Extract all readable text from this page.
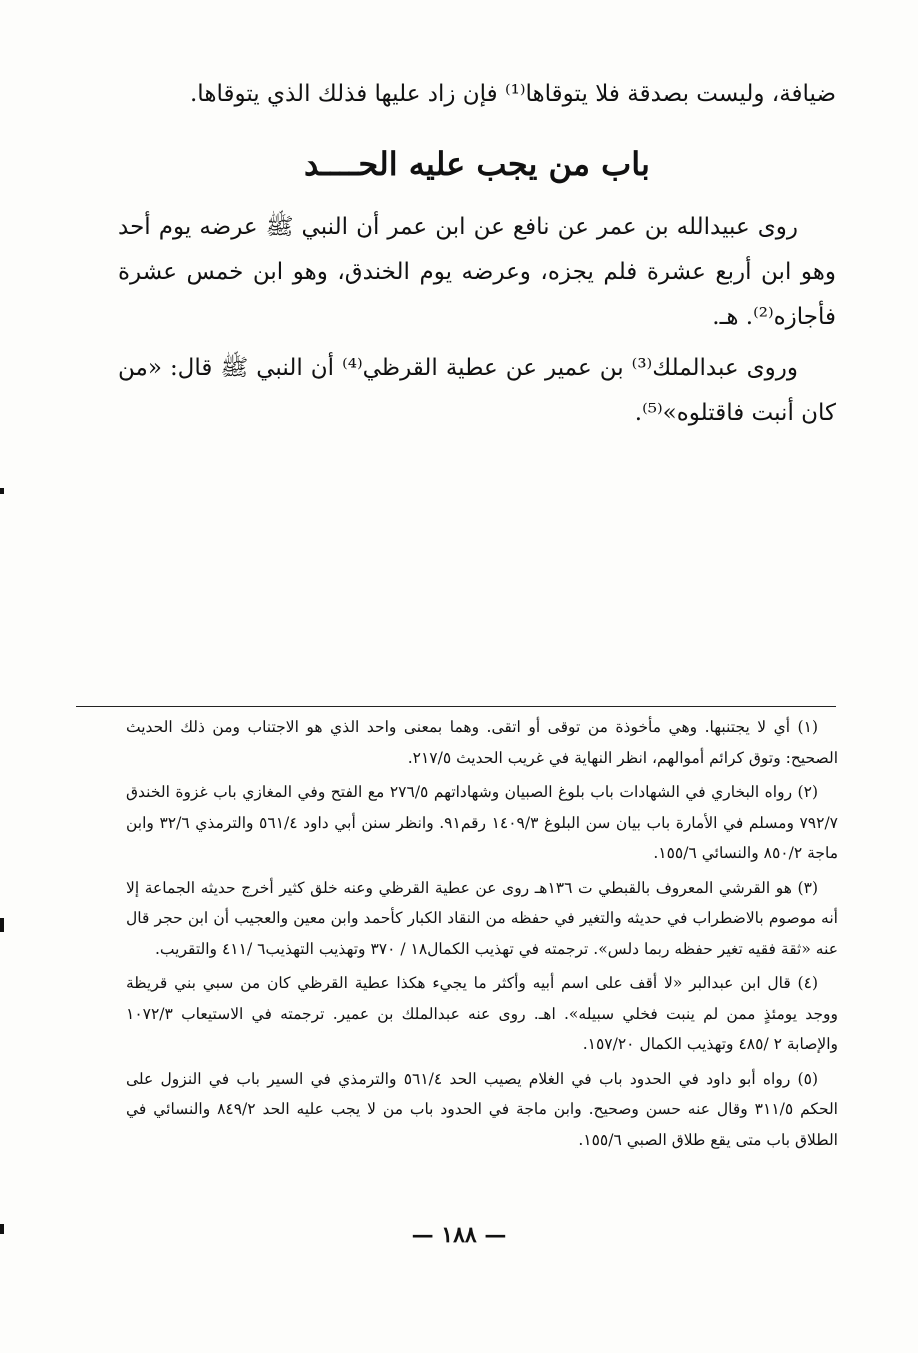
ضيافة، وليست بصدقة فلا يتوقاها⁽¹⁾ فإن زاد عليها فذلك الذي يتوقاها.

باب من يجب عليه الحــــد

روى عبيدالله بن عمر عن نافع عن ابن عمر أن النبي ﷺ عرضه يوم أحد وهو ابن أربع عشرة فلم يجزه، وعرضه يوم الخندق، وهو ابن خمس عشرة فأجازه⁽²⁾. هـ.

وروى عبدالملك⁽³⁾ بن عمير عن عطية القرظي⁽⁴⁾ أن النبي ﷺ قال: «من كان أنبت فاقتلوه»⁽⁵⁾.

(١) أي لا يجتنبها. وهي مأخوذة من توقى أو اتقى. وهما بمعنى واحد الذي هو الاجتناب ومن ذلك الحديث الصحيح: وتوق كرائم أموالهم، انظر النهاية في غريب الحديث ٢١٧/٥.

(٢) رواه البخاري في الشهادات باب بلوغ الصبيان وشهاداتهم ٢٧٦/٥ مع الفتح وفي المغازي باب غزوة الخندق ٧٩٢/٧ ومسلم في الأمارة باب بيان سن البلوغ ١٤٠٩/٣ رقم٩١. وانظر سنن أبي داود ٥٦١/٤ والترمذي ٣٢/٦ وابن ماجة ٨٥٠/٢ والنسائي ١٥٥/٦.

(٣) هو القرشي المعروف بالقبطي ت ١٣٦هـ روى عن عطية القرظي وعنه خلق كثير أخرج حديثه الجماعة إلا أنه موصوم بالاضطراب في حديثه والتغير في حفظه من النقاد الكبار كأحمد وابن معين والعجيب أن ابن حجر قال عنه «ثقة فقيه تغير حفظه ربما دلس». ترجمته في تهذيب الكمال١٨ / ٣٧٠ وتهذيب التهذيب٦ /٤١١ والتقريب.

(٤) قال ابن عبدالبر «لا أقف على اسم أبيه وأكثر ما يجيء هكذا عطية القرظي كان من سبي بني قريظة ووجد يومئذٍ ممن لم ينبت فخلي سبيله». اهـ. روى عنه عبدالملك بن عمير. ترجمته في الاستيعاب ١٠٧٢/٣ والإصابة ٢ /٤٨٥ وتهذيب الكمال ١٥٧/٢٠.

(٥) رواه أبو داود في الحدود باب في الغلام يصيب الحد ٥٦١/٤ والترمذي في السير باب في النزول على الحكم ٣١١/٥ وقال عنه حسن وصحيح. وابن ماجة في الحدود باب من لا يجب عليه الحد ٨٤٩/٢ والنسائي في الطلاق باب متى يقع طلاق الصبي ١٥٥/٦.

— ١٨٨ —
